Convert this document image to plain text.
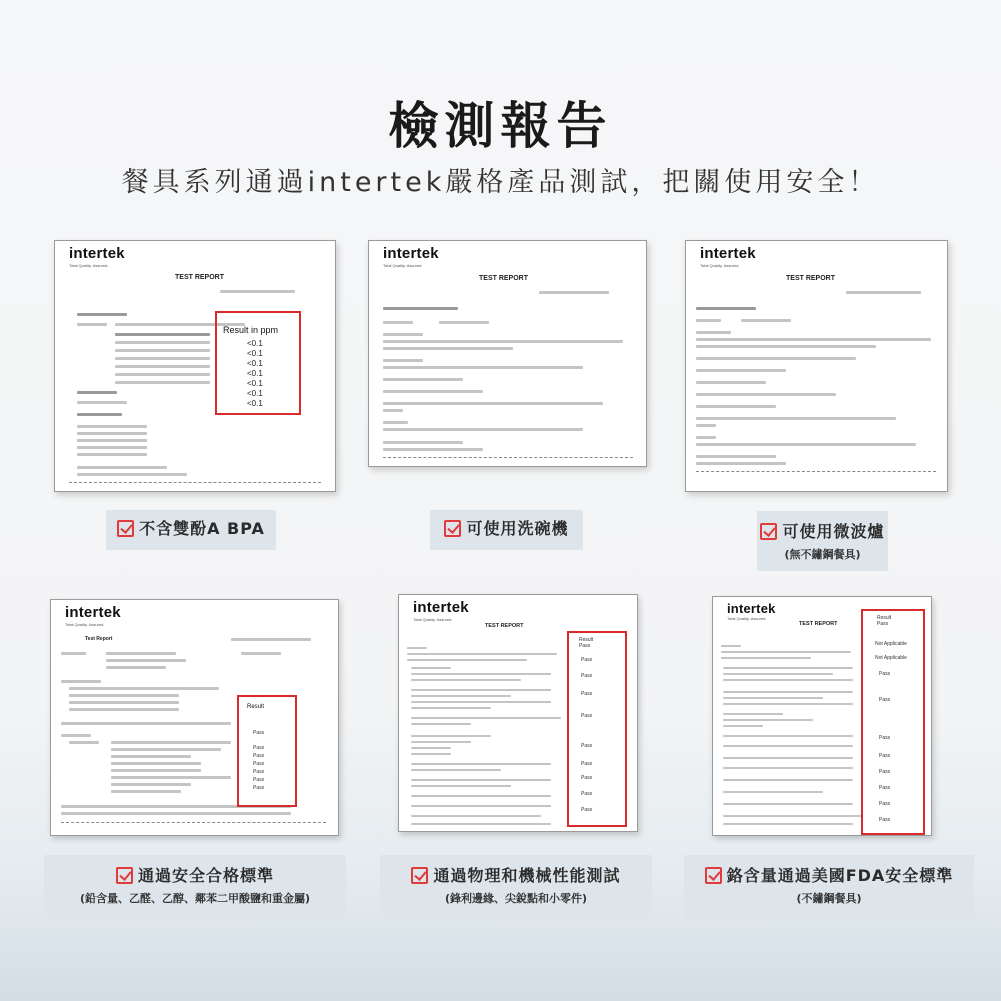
檢測報告
餐具系列通過intertek嚴格產品測試，把關使用安全！
intertek
Total Quality. Assured.
TEST REPORT
Result in ppm
<0.1
<0.1
<0.1
<0.1
<0.1
<0.1
<0.1
intertek
Total Quality. Assured.
TEST REPORT
intertek
Total Quality. Assured.
TEST REPORT
intertek
Total Quality. Assured.
Test Report
Result
Pass
Pass
Pass
Pass
Pass
Pass
Pass
intertek
Total Quality. Assured.
TEST REPORT
Result
Pass
Pass
Pass
Pass
Pass
Pass
Pass
Pass
Pass
Pass
intertek
Total Quality. Assured.
TEST REPORT
Result
Pass
Not Applicable
Not Applicable
Pass
Pass
Pass
Pass
Pass
Pass
Pass
Pass
不含雙酚A BPA	可使用洗碗機	可使用微波爐
(無不鏽鋼餐具)
通過安全合格標準
(鉛含量、乙醛、乙醇、鄰苯二甲酸鹽和重金屬)
通過物理和機械性能測試
(鋒利邊緣、尖銳點和小零件)
鉻含量通過美國FDA安全標準
(不鏽鋼餐具)
